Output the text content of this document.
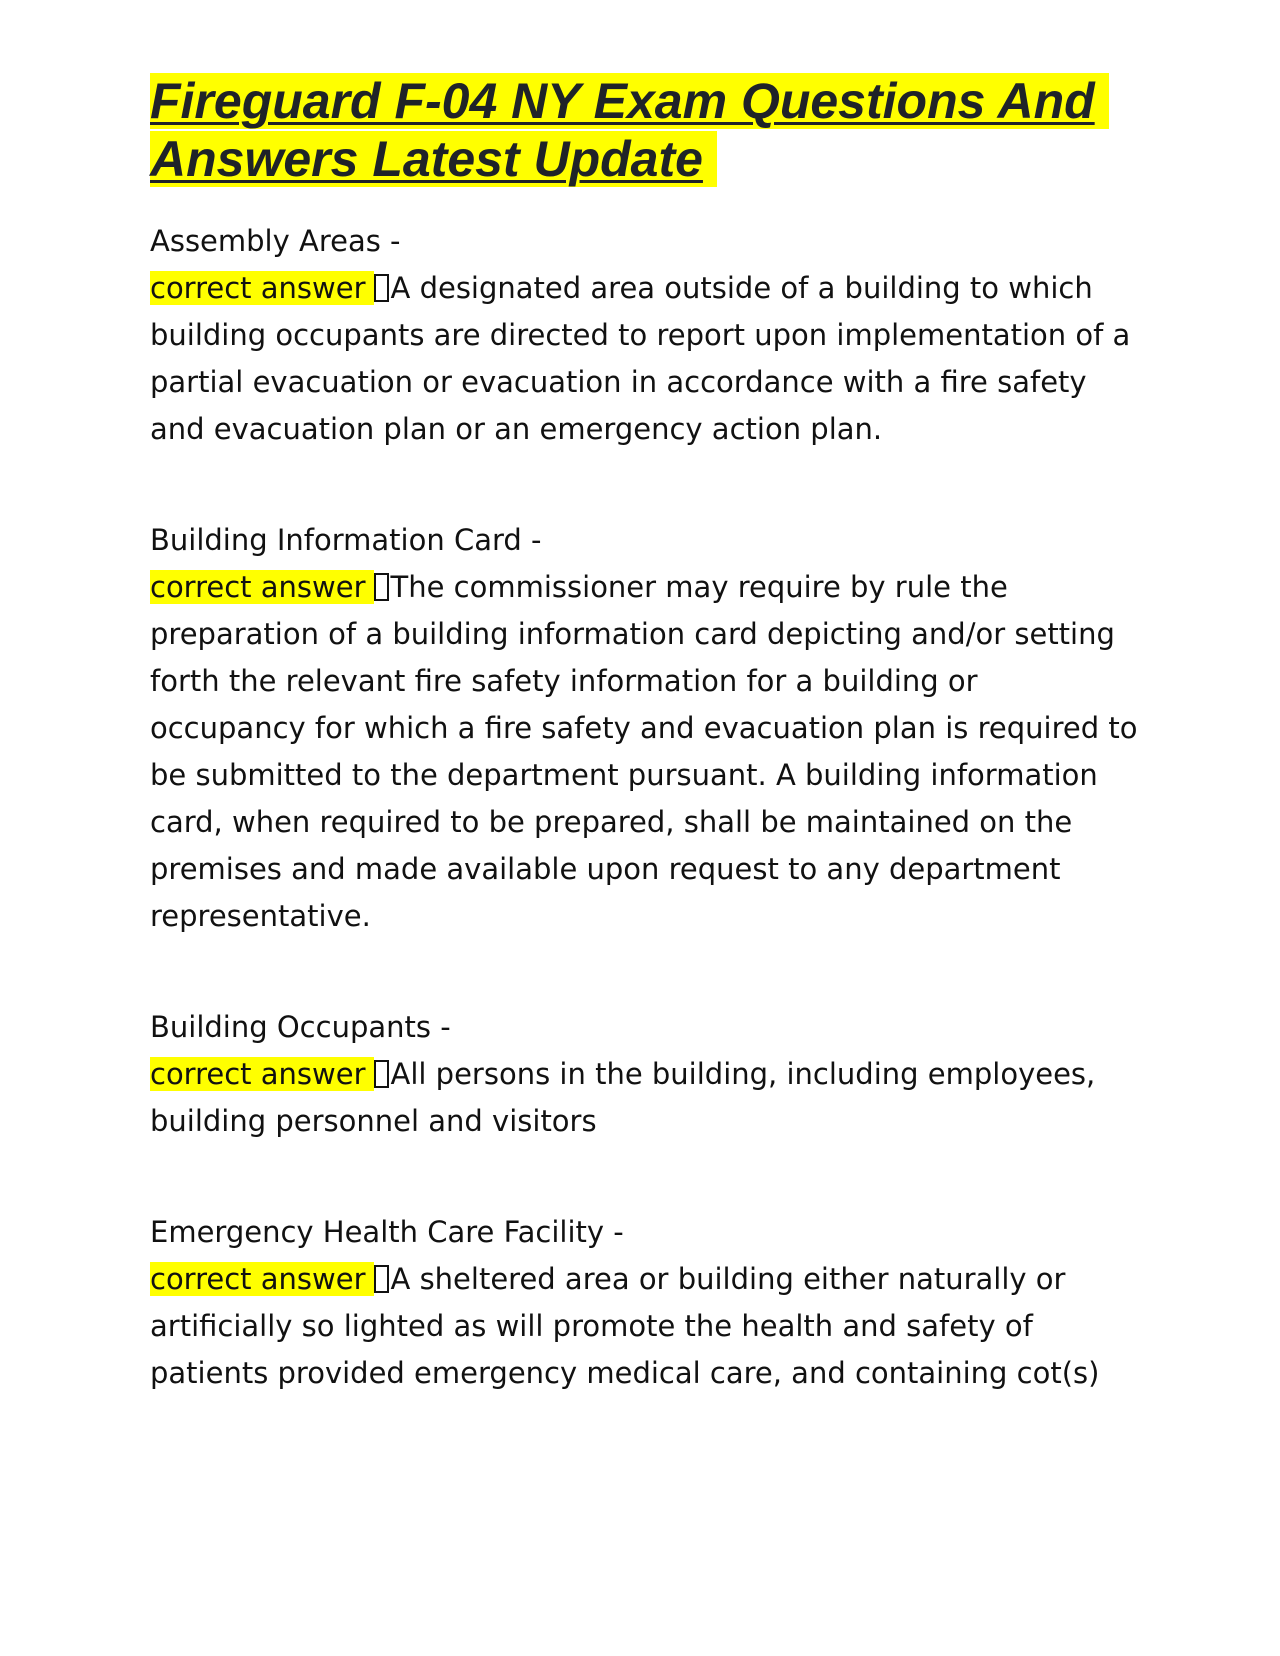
Fireguard F-04 NY Exam Questions And
Answers Latest Update
Assembly Areas -

correct answer A designated area outside of a building to which building occupants are directed to report upon implementation of a partial evacuation or evacuation in accordance with a fire safety and evacuation plan or an emergency action plan.

Building Information Card -

correct answer The commissioner may require by rule the preparation of a building information card depicting and/or setting forth the relevant fire safety information for a building or occupancy for which a fire safety and evacuation plan is required to be submitted to the department pursuant. A building information card, when required to be prepared, shall be maintained on the premises and made available upon request to any department representative.

Building Occupants -

correct answer All persons in the building, including employees, building personnel and visitors

Emergency Health Care Facility -

correct answer A sheltered area or building either naturally or artificially so lighted as will promote the health and safety of patients provided emergency medical care, and containing cot(s)
